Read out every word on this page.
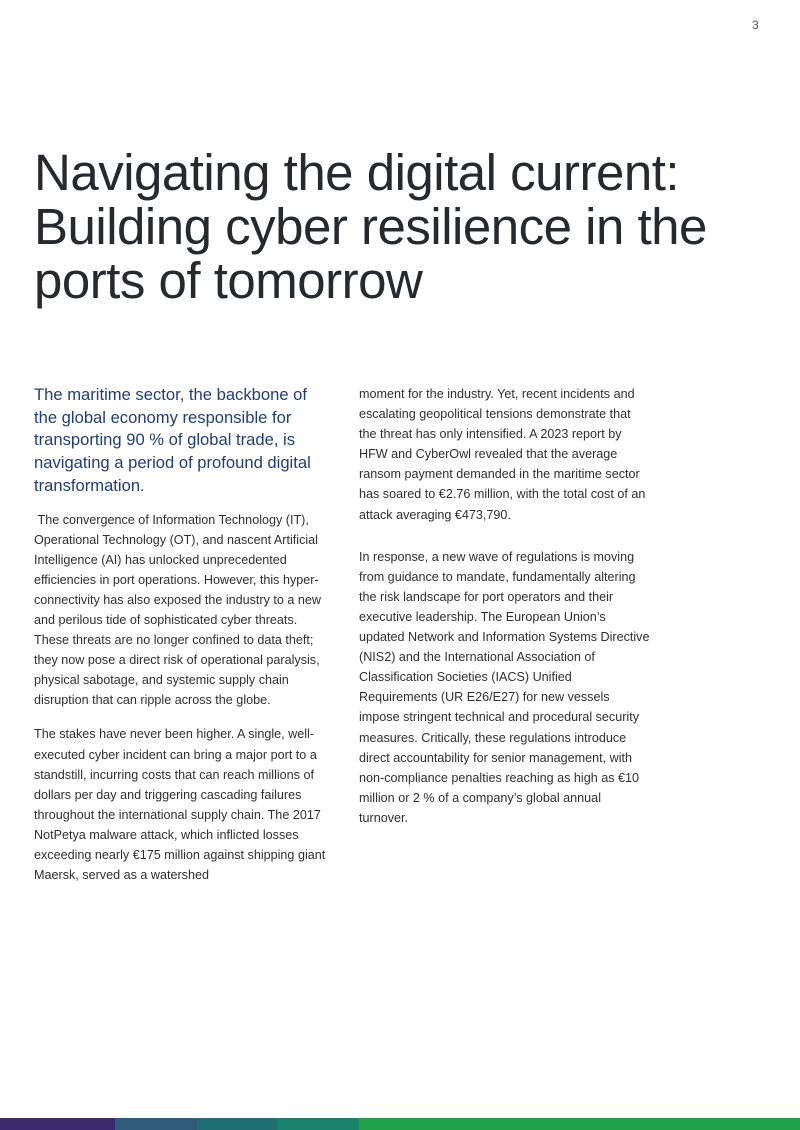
3
Navigating the digital current: Building cyber resilience in the ports of tomorrow

The maritime sector, the backbone of the global economy responsible for transporting 90 % of global trade, is navigating a period of profound digital transformation.

The convergence of Information Technology (IT), Operational Technology (OT), and nascent Artificial Intelligence (AI) has unlocked unprecedented efficiencies in port operations. However, this hyper-connectivity has also exposed the industry to a new and perilous tide of sophisticated cyber threats. These threats are no longer confined to data theft; they now pose a direct risk of operational paralysis, physical sabotage, and systemic supply chain disruption that can ripple across the globe.

The stakes have never been higher. A single, well-executed cyber incident can bring a major port to a standstill, incurring costs that can reach millions of dollars per day and triggering cascading failures throughout the international supply chain. The 2017 NotPetya malware attack, which inflicted losses exceeding nearly €175 million against shipping giant Maersk, served as a watershed

moment for the industry. Yet, recent incidents and escalating geopolitical tensions demonstrate that the threat has only intensified. A 2023 report by HFW and CyberOwl revealed that the average ransom payment demanded in the maritime sector has soared to €2.76 million, with the total cost of an attack averaging €473,790.

In response, a new wave of regulations is moving from guidance to mandate, fundamentally altering the risk landscape for port operators and their executive leadership. The European Union’s updated Network and Information Systems Directive (NIS2) and the International Association of Classification Societies (IACS) Unified Requirements (UR E26/E27) for new vessels impose stringent technical and procedural security measures. Critically, these regulations introduce direct accountability for senior management, with non-compliance penalties reaching as high as €10 million or 2 % of a company’s global annual turnover.
